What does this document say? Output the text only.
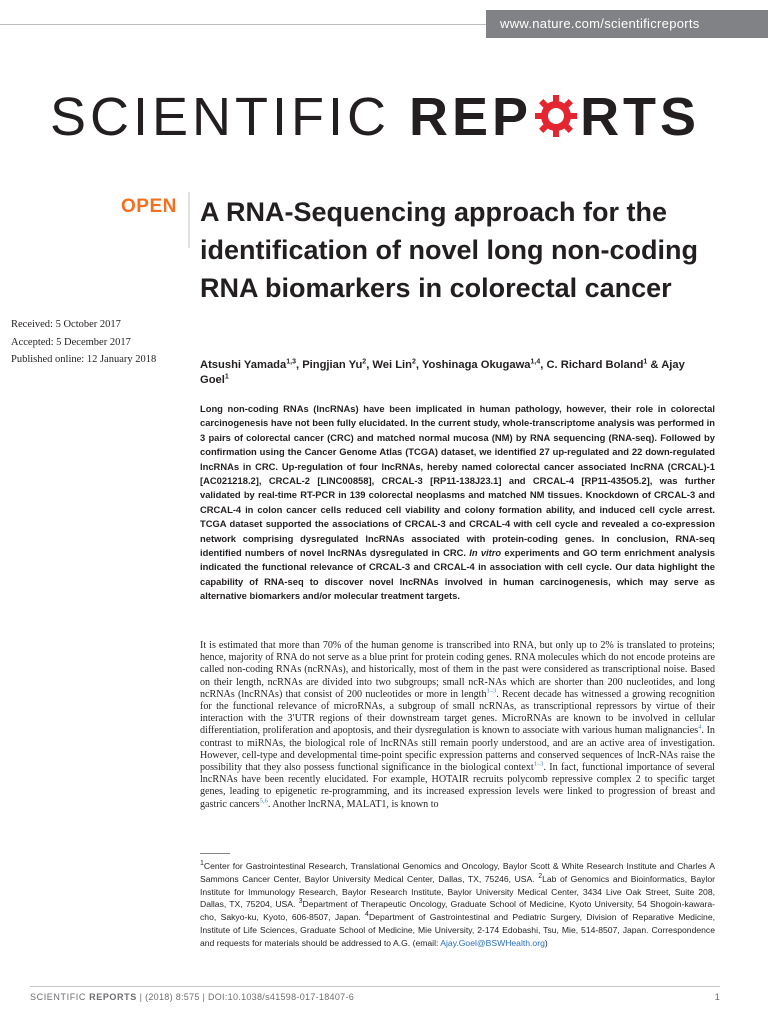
www.nature.com/scientificreports
SCIENTIFIC REP RTS
OPEN A RNA-Sequencing approach for the identification of novel long non-coding RNA biomarkers in colorectal cancer
Received: 5 October 2017
Accepted: 5 December 2017
Published online: 12 January 2018	Atsushi Yamada$^{1,3}$, Pingjian Yu$^2$, Wei Lin$^2$, Yoshinaga Okugawa$^{1,4}$, C. Richard Boland$^1$ & Ajay Goel$^1$

Long non-coding RNAs (lncRNAs) have been implicated in human pathology, however, their role in colorectal carcinogenesis have not been fully elucidated. In the current study, whole-transcriptome analysis was performed in 3 pairs of colorectal cancer (CRC) and matched normal mucosa (NM) by RNA sequencing (RNA-seq). Followed by confirmation using the Cancer Genome Atlas (TCGA) dataset, we identified 27 up-regulated and 22 down-regulated lncRNAs in CRC. Up-regulation of four lncRNAs, hereby named colorectal cancer associated lncRNA (CRCAL)-1 [AC021218.2], CRCAL-2 [LINC00858], CRCAL-3 [RP11-138J23.1] and CRCAL-4 [RP11-435O5.2], was further validated by real-time RT-PCR in 139 colorectal neoplasms and matched NM tissues. Knockdown of CRCAL-3 and CRCAL-4 in colon cancer cells reduced cell viability and colony formation ability, and induced cell cycle arrest. TCGA dataset supported the associations of CRCAL-3 and CRCAL-4 with cell cycle and revealed a co-expression network comprising dysregulated lncRNAs associated with protein-coding genes. In conclusion, RNA-seq identified numbers of novel lncRNAs dysregulated in CRC. In vitro experiments and GO term enrichment analysis indicated the functional relevance of CRCAL-3 and CRCAL-4 in association with cell cycle. Our data highlight the capability of RNA-seq to discover novel lncRNAs involved in human carcinogenesis, which may serve as alternative biomarkers and/or molecular treatment targets.

It is estimated that more than 70% of the human genome is transcribed into RNA, but only up to 2% is translated to proteins; hence, majority of RNA do not serve as a blue print for protein coding genes. RNA molecules which do not encode proteins are called non-coding RNAs (ncRNAs), and historically, most of them in the past were considered as transcriptional noise. Based on their length, ncRNAs are divided into two subgroups; small ncR-NAs which are shorter than 200 nucleotides, and long ncRNAs (lncRNAs) that consist of 200 nucleotides or more in length$^{1-3}$. Recent decade has witnessed a growing recognition for the functional relevance of microRNAs, a subgroup of small ncRNAs, as transcriptional repressors by virtue of their interaction with the 3′UTR regions of their downstream target genes. MicroRNAs are known to be involved in cellular differentiation, proliferation and apoptosis, and their dysregulation is known to associate with various human malignancies$^4$. In contrast to miRNAs, the biological role of lncRNAs still remain poorly understood, and are an active area of investigation. However, cell-type and developmental time-point specific expression patterns and conserved sequences of lncR-NAs raise the possibility that they also possess functional significance in the biological context$^{1-3}$. In fact, functional importance of several lncRNAs have been recently elucidated. For example, HOTAIR recruits polycomb repressive complex 2 to specific target genes, leading to epigenetic re-programming, and its increased expression levels were linked to progression of breast and gastric cancers$^{5,6}$. Another lncRNA, MALAT1, is known to

$^1$Center for Gastrointestinal Research, Translational Genomics and Oncology, Baylor Scott & White Research Institute and Charles A Sammons Cancer Center, Baylor University Medical Center, Dallas, TX, 75246, USA. $^2$Lab of Genomics and Bioinformatics, Baylor Institute for Immunology Research, Baylor Research Institute, Baylor University Medical Center, 3434 Live Oak Street, Suite 208, Dallas, TX, 75204, USA. $^3$Department of Therapeutic Oncology, Graduate School of Medicine, Kyoto University, 54 Shogoin-kawara-cho, Sakyo-ku, Kyoto, 606-8507, Japan. $^4$Department of Gastrointestinal and Pediatric Surgery, Division of Reparative Medicine, Institute of Life Sciences, Graduate School of Medicine, Mie University, 2-174 Edobashi, Tsu, Mie, 514-8507, Japan. Correspondence and requests for materials should be addressed to A.G. (email: Ajay.Goel@BSWHealth.org)

SCIENTIFIC REPORTS | (2018) 8:575 | DOI:10.1038/s41598-017-18407-6	1
